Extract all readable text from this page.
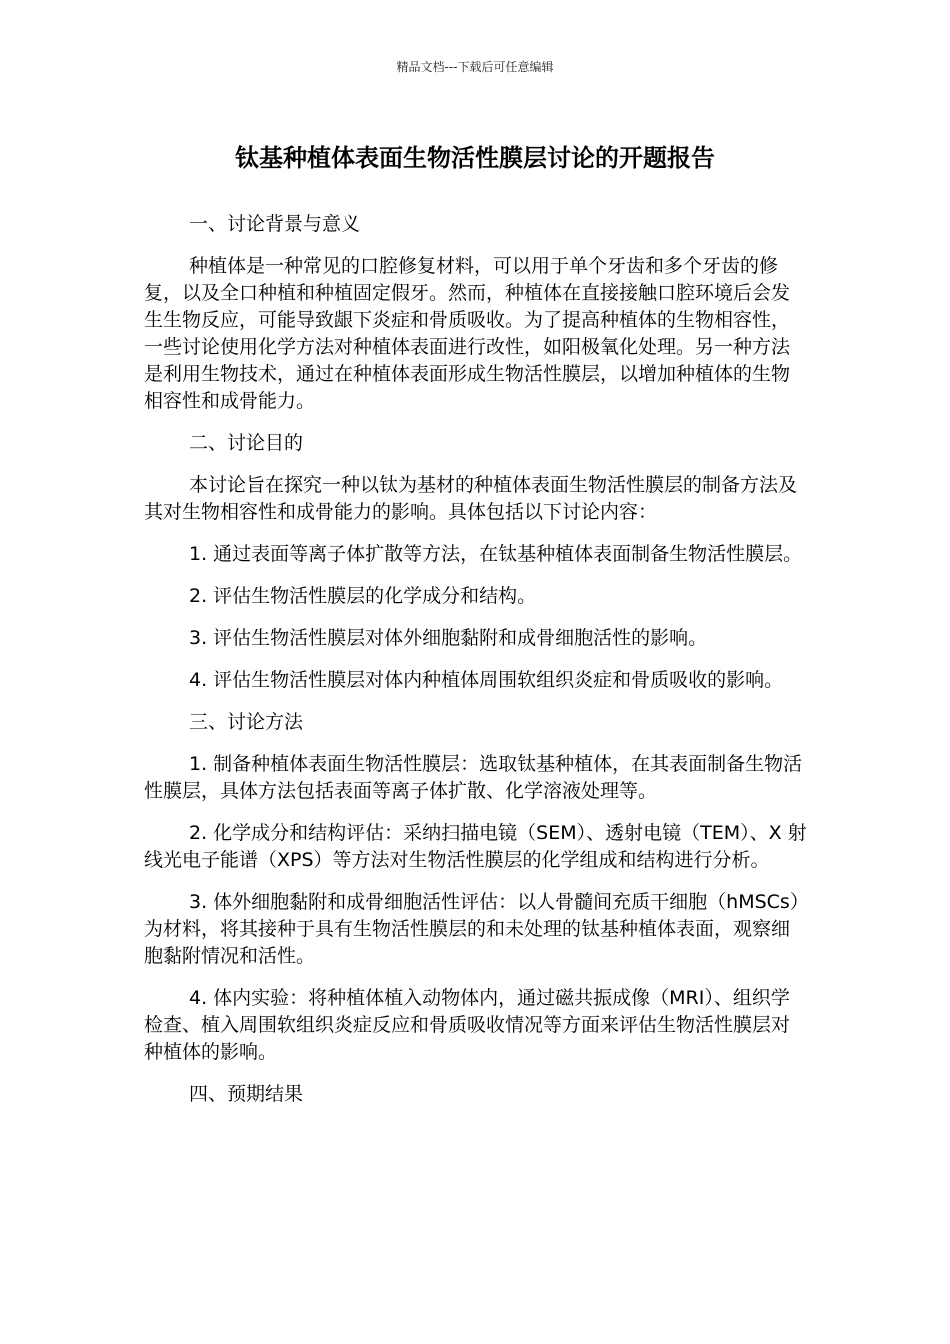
精品文档---下载后可任意编辑
钛基种植体表面生物活性膜层讨论的开题报告

一、讨论背景与意义

种植体是一种常见的口腔修复材料，可以用于单个牙齿和多个牙齿的修复，以及全口种植和种植固定假牙。然而，种植体在直接接触口腔环境后会发生生物反应，可能导致龈下炎症和骨质吸收。为了提高种植体的生物相容性，一些讨论使用化学方法对种植体表面进行改性，如阳极氧化处理。另一种方法是利用生物技术，通过在种植体表面形成生物活性膜层，以增加种植体的生物相容性和成骨能力。

二、讨论目的

本讨论旨在探究一种以钛为基材的种植体表面生物活性膜层的制备方法及其对生物相容性和成骨能力的影响。具体包括以下讨论内容：

1. 通过表面等离子体扩散等方法，在钛基种植体表面制备生物活性膜层。

2. 评估生物活性膜层的化学成分和结构。

3. 评估生物活性膜层对体外细胞黏附和成骨细胞活性的影响。

4. 评估生物活性膜层对体内种植体周围软组织炎症和骨质吸收的影响。

三、讨论方法

1. 制备种植体表面生物活性膜层：选取钛基种植体，在其表面制备生物活性膜层，具体方法包括表面等离子体扩散、化学溶液处理等。

2. 化学成分和结构评估：采纳扫描电镜（SEM）、透射电镜（TEM）、X 射线光电子能谱（XPS）等方法对生物活性膜层的化学组成和结构进行分析。

3. 体外细胞黏附和成骨细胞活性评估：以人骨髓间充质干细胞（hMSCs）为材料，将其接种于具有生物活性膜层的和未处理的钛基种植体表面，观察细胞黏附情况和活性。

4. 体内实验：将种植体植入动物体内，通过磁共振成像（MRI）、组织学检查、植入周围软组织炎症反应和骨质吸收情况等方面来评估生物活性膜层对种植体的影响。

四、预期结果
